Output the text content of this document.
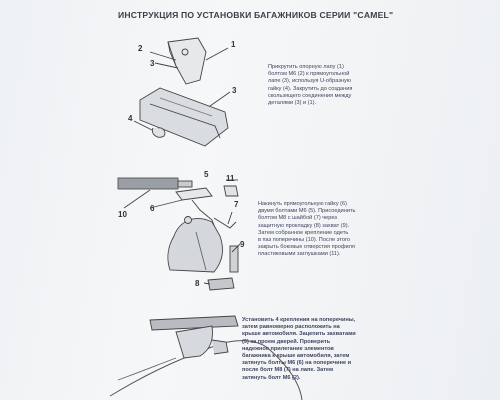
ИНСТРУКЦИЯ ПО УСТАНОВКИ БАГАЖНИКОВ СЕРИИ "CAMEL"
2
3
1
3
4
5 11
6
10
7
9
8
Прикрутить опорную лапу (1)
болтом М6 (2) к прямоугольной
лапе (3), используя U-образную
гайку (4). Закрутить до создания
скользящего соединения между
деталями (3) и (1).
Накинуть прямоугольную гайку (6)
двумя болтами М6 (5). Присоединить
болтом М8 с шайбой (7) через
защитную прокладку (8) захват (9).
Затем собранное крепление одеть
в паз поперечины (10). После этого
закрыть боковые отверстия профиля
пластиковыми заглушками (11).
Установить 4 крепления на поперечины,
затем равномерно расположить на
крыше автомобиля. Зацепить захватами
(9) за проем дверей. Проверить
надежное прилегание элементов
багажника к крыше автомобиля, затем
затянуть болты М6 (6) на поперечине и
после болт М8 (7) на лапе. Затем
затянуть болт М6 (2).
